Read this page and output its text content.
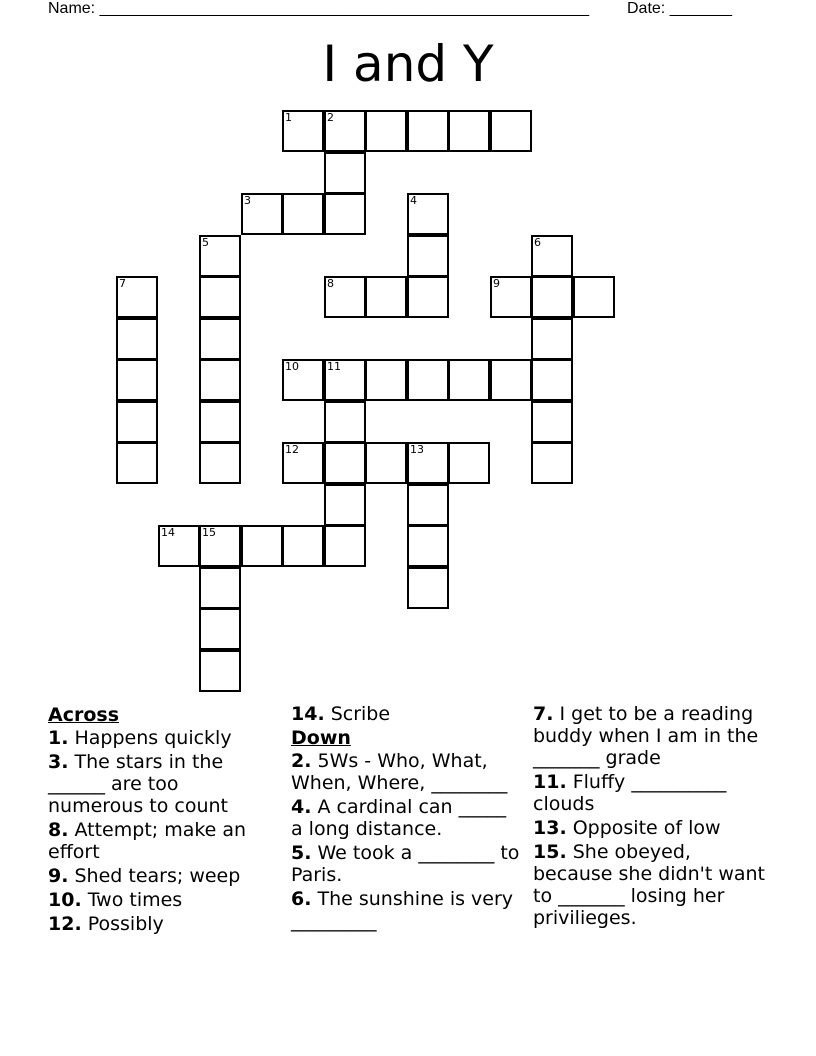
Name: _______________________________________________________ Date: _______
I and Y
1	2
3	4
5	6
7	8	9
10	11
12	13
14 15
Across
1. Happens quickly
3. The stars in the ______ are too numerous to count
8. Attempt; make an effort
9. Shed tears; weep
10. Two times
12. Possibly
14. Scribe
Down
2. 5Ws - Who, What, When, Where, ________
4. A cardinal can _____ a long distance.
5. We took a ________ to Paris.
6. The sunshine is very _________
7. I get to be a reading buddy when I am in the _______ grade
11. Fluffy __________ clouds
13. Opposite of low
15. She obeyed, because she didn't want to _______ losing her privilieges.
